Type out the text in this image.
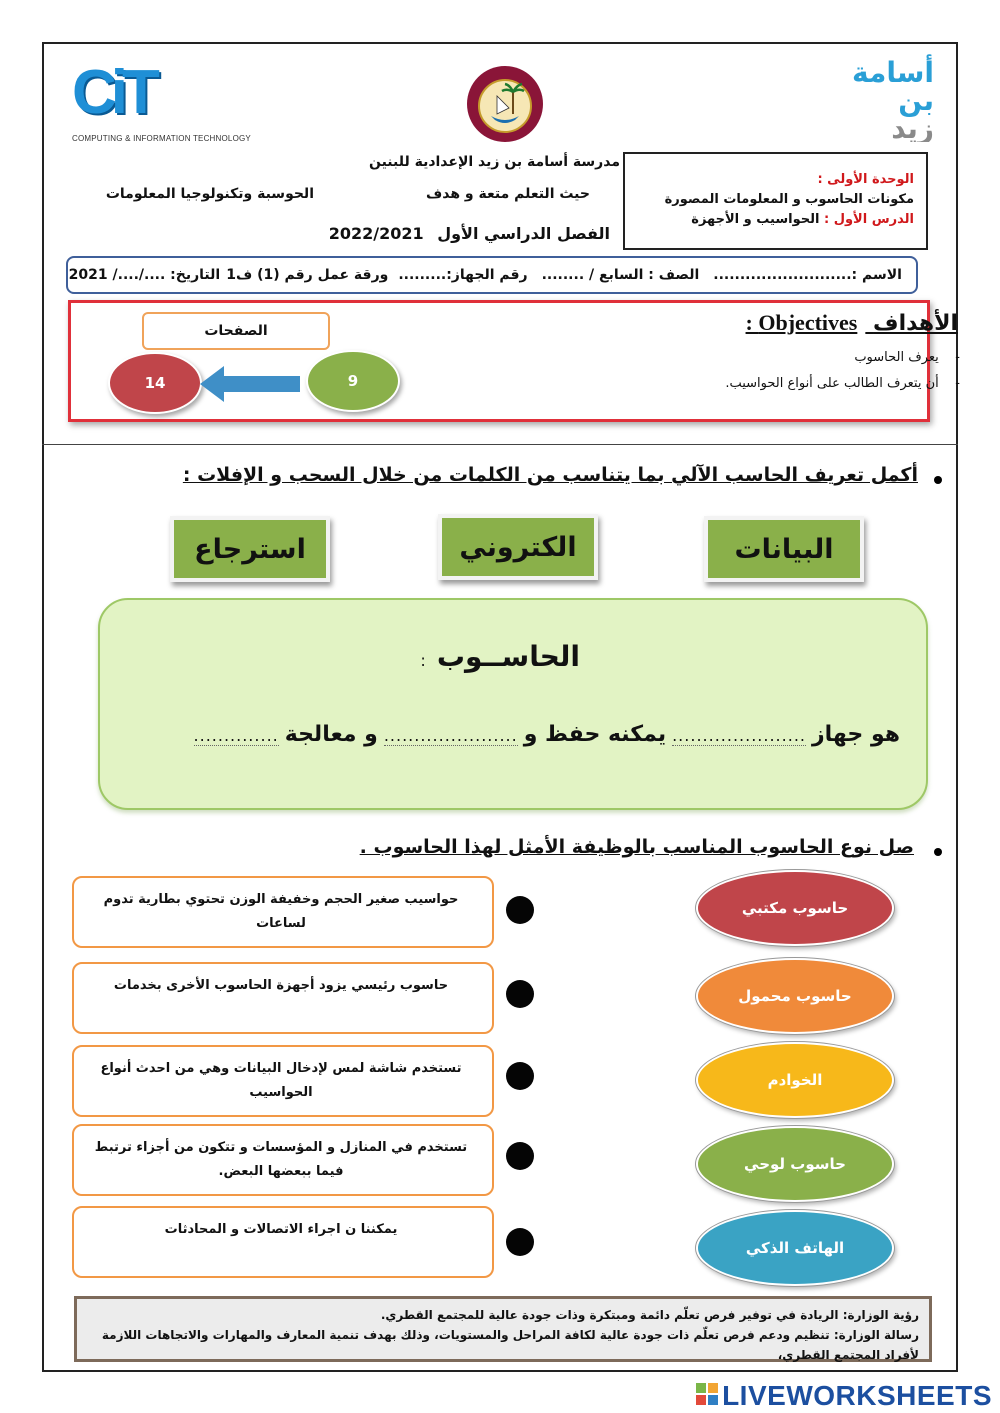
CiT
COMPUTING & INFORMATION TECHNOLOGY
أسامة
بن
زيد
مدرسة أسامة بن زيد الإعدادية للبنين
حيث التعلم متعة و هدف
الحوسبة وتكنولوجيا المعلومات
الفصل الدراسي الأول 2022/2021
الوحدة الأولى :
مكونات الحاسوب و المعلومات المصورة
الدرس الأول : الحواسيب و الأجهزة
الاسم :..........................
الصف : السابع / ........
رقم الجهاز:.........
ورقة عمل رقم (1) ف1
التاريخ: ..../..../ 2021
الأهداف Objectives :
-    يعرف الحاسوب
-    أن يتعرف الطالب على أنواع الحواسيب.
الصفحات
14	9
أكمل تعريف الحاسب الآلي بما يتناسب من الكلمات من خلال السحب و الإفلات :
البيانات
الكتروني
استرجاع
الحاســوب :
هو جهاز
......................
يمكنه حفظ و
......................
و معالجة
..............
صل نوع الحاسوب المناسب بالوظيفة الأمثل لهذا الحاسوب .
حواسيب صغير الحجم وخفيفة الوزن تحتوي بطارية تدوم لساعات
حاسوب مكتبي
حاسوب رئيسي يزود أجهزة الحاسوب الأخرى بخدمات
حاسوب محمول
تستخدم شاشة لمس لإدخال البيانات وهي من احدث أنواع الحواسيب
الخوادم
تستخدم في المنازل و المؤسسات و تتكون من أجزاء ترتبط فيما ببعضها البعض.	حاسوب لوحي
يمكننا ن اجراء الاتصالات و المحادثات
الهاتف الذكي
رؤية الوزارة: الريادة في توفير فرص تعلّم دائمة ومبتكرة وذات جودة عالية للمجتمع القطري.
رسالة الوزارة: تنظيم ودعم فرص تعلّم ذات جودة عالية لكافة المراحل والمستويات، وذلك بهدف تنمية المعارف والمهارات والاتجاهات اللازمة لأفراد المجتمع القطري،
LIVEWORKSHEETS
